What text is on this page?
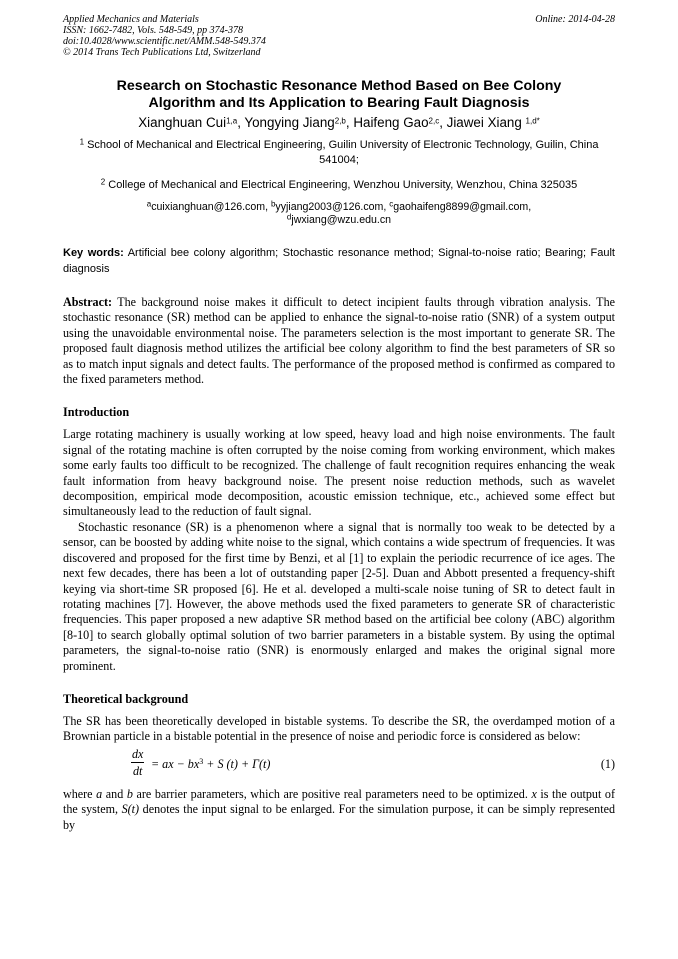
Applied Mechanics and Materials
ISSN: 1662-7482, Vols. 548-549, pp 374-378
doi:10.4028/www.scientific.net/AMM.548-549.374
© 2014 Trans Tech Publications Ltd, Switzerland
Online: 2014-04-28
Research on Stochastic Resonance Method Based on Bee Colony
Algorithm and Its Application to Bearing Fault Diagnosis
Xianghuan Cui$^{1,a}$, Yongying Jiang$^{2,b}$, Haifeng Gao$^{2,c}$, Jiawei Xiang $^{1,d*}$
$^1$ School of Mechanical and Electrical Engineering, Guilin University of Electronic Technology, Guilin, China 541004;
$^2$ College of Mechanical and Electrical Engineering, Wenzhou University, Wenzhou, China 325035
$^a$cuixianghuan@126.com, $^b$yyjiang2003@126.com, $^c$gaohaifeng8899@gmail.com,
$^d$jwxiang@wzu.edu.cn
Key words: Artificial bee colony algorithm; Stochastic resonance method; Signal-to-noise ratio; Bearing; Fault diagnosis
Abstract: The background noise makes it difficult to detect incipient faults through vibration analysis. The stochastic resonance (SR) method can be applied to enhance the signal-to-noise ratio (SNR) of a system output using the unavoidable environmental noise. The parameters selection is the most important to generate SR. The proposed fault diagnosis method utilizes the artificial bee colony algorithm to find the best parameters of SR so as to match input signals and detect faults. The performance of the proposed method is confirmed as compared to the fixed parameters method.
Introduction

Large rotating machinery is usually working at low speed, heavy load and high noise environments. The fault signal of the rotating machine is often corrupted by the noise coming from working environment, which makes some early faults too difficult to be recognized. The challenge of fault recognition requires enhancing the weak fault information from heavy background noise. The present noise reduction methods, such as wavelet decomposition, empirical mode decomposition, acoustic emission technique, etc., achieved some effect but simultaneously lead to the reduction of fault signal.

Stochastic resonance (SR) is a phenomenon where a signal that is normally too weak to be detected by a sensor, can be boosted by adding white noise to the signal, which contains a wide spectrum of frequencies. It was discovered and proposed for the first time by Benzi, et al [1] to explain the periodic recurrence of ice ages. The next few decades, there has been a lot of outstanding paper [2-5]. Duan and Abbott presented a frequency-shift keying via short-time SR proposed [6]. He et al. developed a multi-scale noise tuning of SR to detect fault in rotating machines [7]. However, the above methods used the fixed parameters to generate SR of characteristic frequencies. This paper proposed a new adaptive SR method based on the artificial bee colony (ABC) algorithm [8-10] to search globally optimal solution of two barrier parameters in a bistable system. By using the optimal parameters, the signal-to-noise ratio (SNR) is enormously enlarged and makes the original signal more prominent.

Theoretical background

The SR has been theoretically developed in bistable systems. To describe the SR, the overdamped motion of a Brownian particle in a bistable potential in the presence of noise and periodic force is considered as below:

$\frac{dx}{dt}$ = ax − $bx^3 + S$ (t) + Γ(t)	(1)

where a and b are barrier parameters, which are positive real parameters need to be optimized. x is the output of the system, S(t) denotes the input signal to be enlarged. For the simulation purpose, it can be simply represented by
